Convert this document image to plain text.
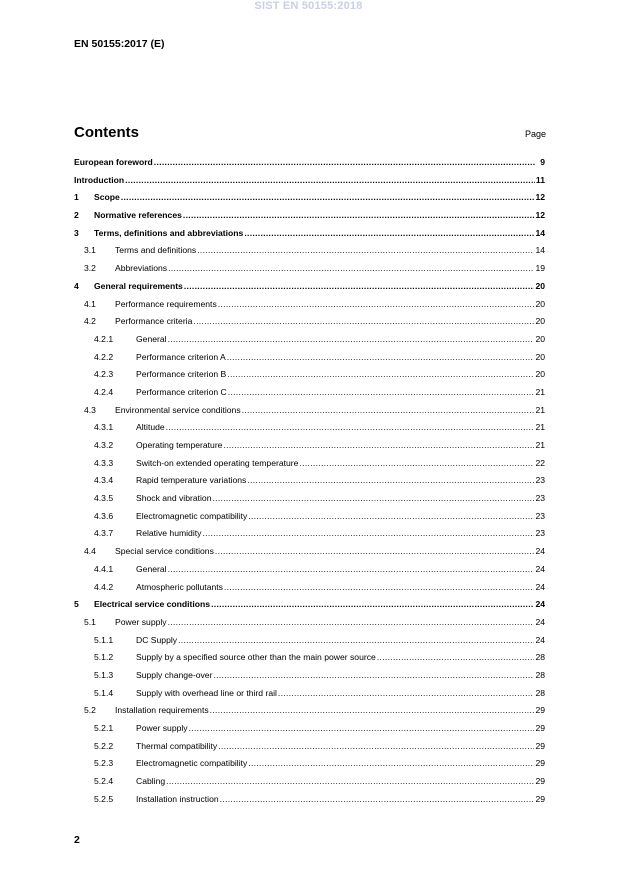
SIST EN 50155:2018
EN 50155:2017 (E)
Contents	Page
European foreword .....	9
Introduction .....	11
1	Scope .....	12
2	Normative references .....	12
3	Terms, definitions and abbreviations .....	14
3.1	Terms and definitions .....	14
3.2	Abbreviations .....	19
4	General requirements .....	20
4.1	Performance requirements .....	20
4.2	Performance criteria .....	20
4.2.1	General .....	20
4.2.2	Performance criterion A .....	20
4.2.3	Performance criterion B .....	20
4.2.4	Performance criterion C .....	21
4.3	Environmental service conditions .....	21
4.3.1	Altitude .....	21
4.3.2	Operating temperature .....	21
4.3.3	Switch-on extended operating temperature .....	22
4.3.4	Rapid temperature variations .....	23
4.3.5	Shock and vibration .....	23
4.3.6	Electromagnetic compatibility .....	23
4.3.7	Relative humidity .....	23
4.4	Special service conditions .....	24
4.4.1	General .....	24
4.4.2	Atmospheric pollutants .....	24
5	Electrical service conditions .....	24
5.1	Power supply .....	24
5.1.1	DC Supply .....	24
5.1.2	Supply by a specified source other than the main power source .....	28
5.1.3	Supply change-over .....	28
5.1.4	Supply with overhead line or third rail .....	28
5.2	Installation requirements .....	29
5.2.1	Power supply .....	29
5.2.2	Thermal compatibility .....	29
5.2.3	Electromagnetic compatibility .....	29
5.2.4	Cabling .....	29
5.2.5	Installation instruction .....	29
2
